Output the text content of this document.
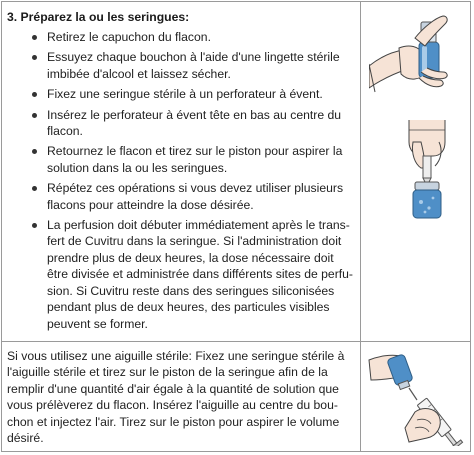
3. Préparez la ou les seringues:
Retirez le capuchon du flacon.
Essuyez chaque bouchon à l'aide d'une lingette stérile
imbibée d'alcool et laissez sécher.
Fixez une seringue stérile à un perforateur à évent.
Insérez le perforateur à évent tête en bas au centre du
flacon.
Retournez le flacon et tirez sur le piston pour aspirer la
solution dans la ou les seringues.
Répétez ces opérations si vous devez utiliser plusieurs
flacons pour atteindre la dose désirée.
La perfusion doit débuter immédiatement après le trans-
fert de Cuvitru dans la seringue. Si l'administration doit
prendre plus de deux heures, la dose nécessaire doit
être divisée et administrée dans différents sites de perfu-
sion. Si Cuvitru reste dans des seringues siliconisées
pendant plus de deux heures, des particules visibles
peuvent se former.
Si vous utilisez une aiguille stérile: Fixez une seringue stérile à
l'aiguille stérile et tirez sur le piston de la seringue afin de la
remplir d'une quantité d'air égale à la quantité de solution que
vous prélèverez du flacon. Insérez l'aiguille au centre du bou-
chon et injectez l'air. Tirez sur le piston pour aspirer le volume
désiré.
